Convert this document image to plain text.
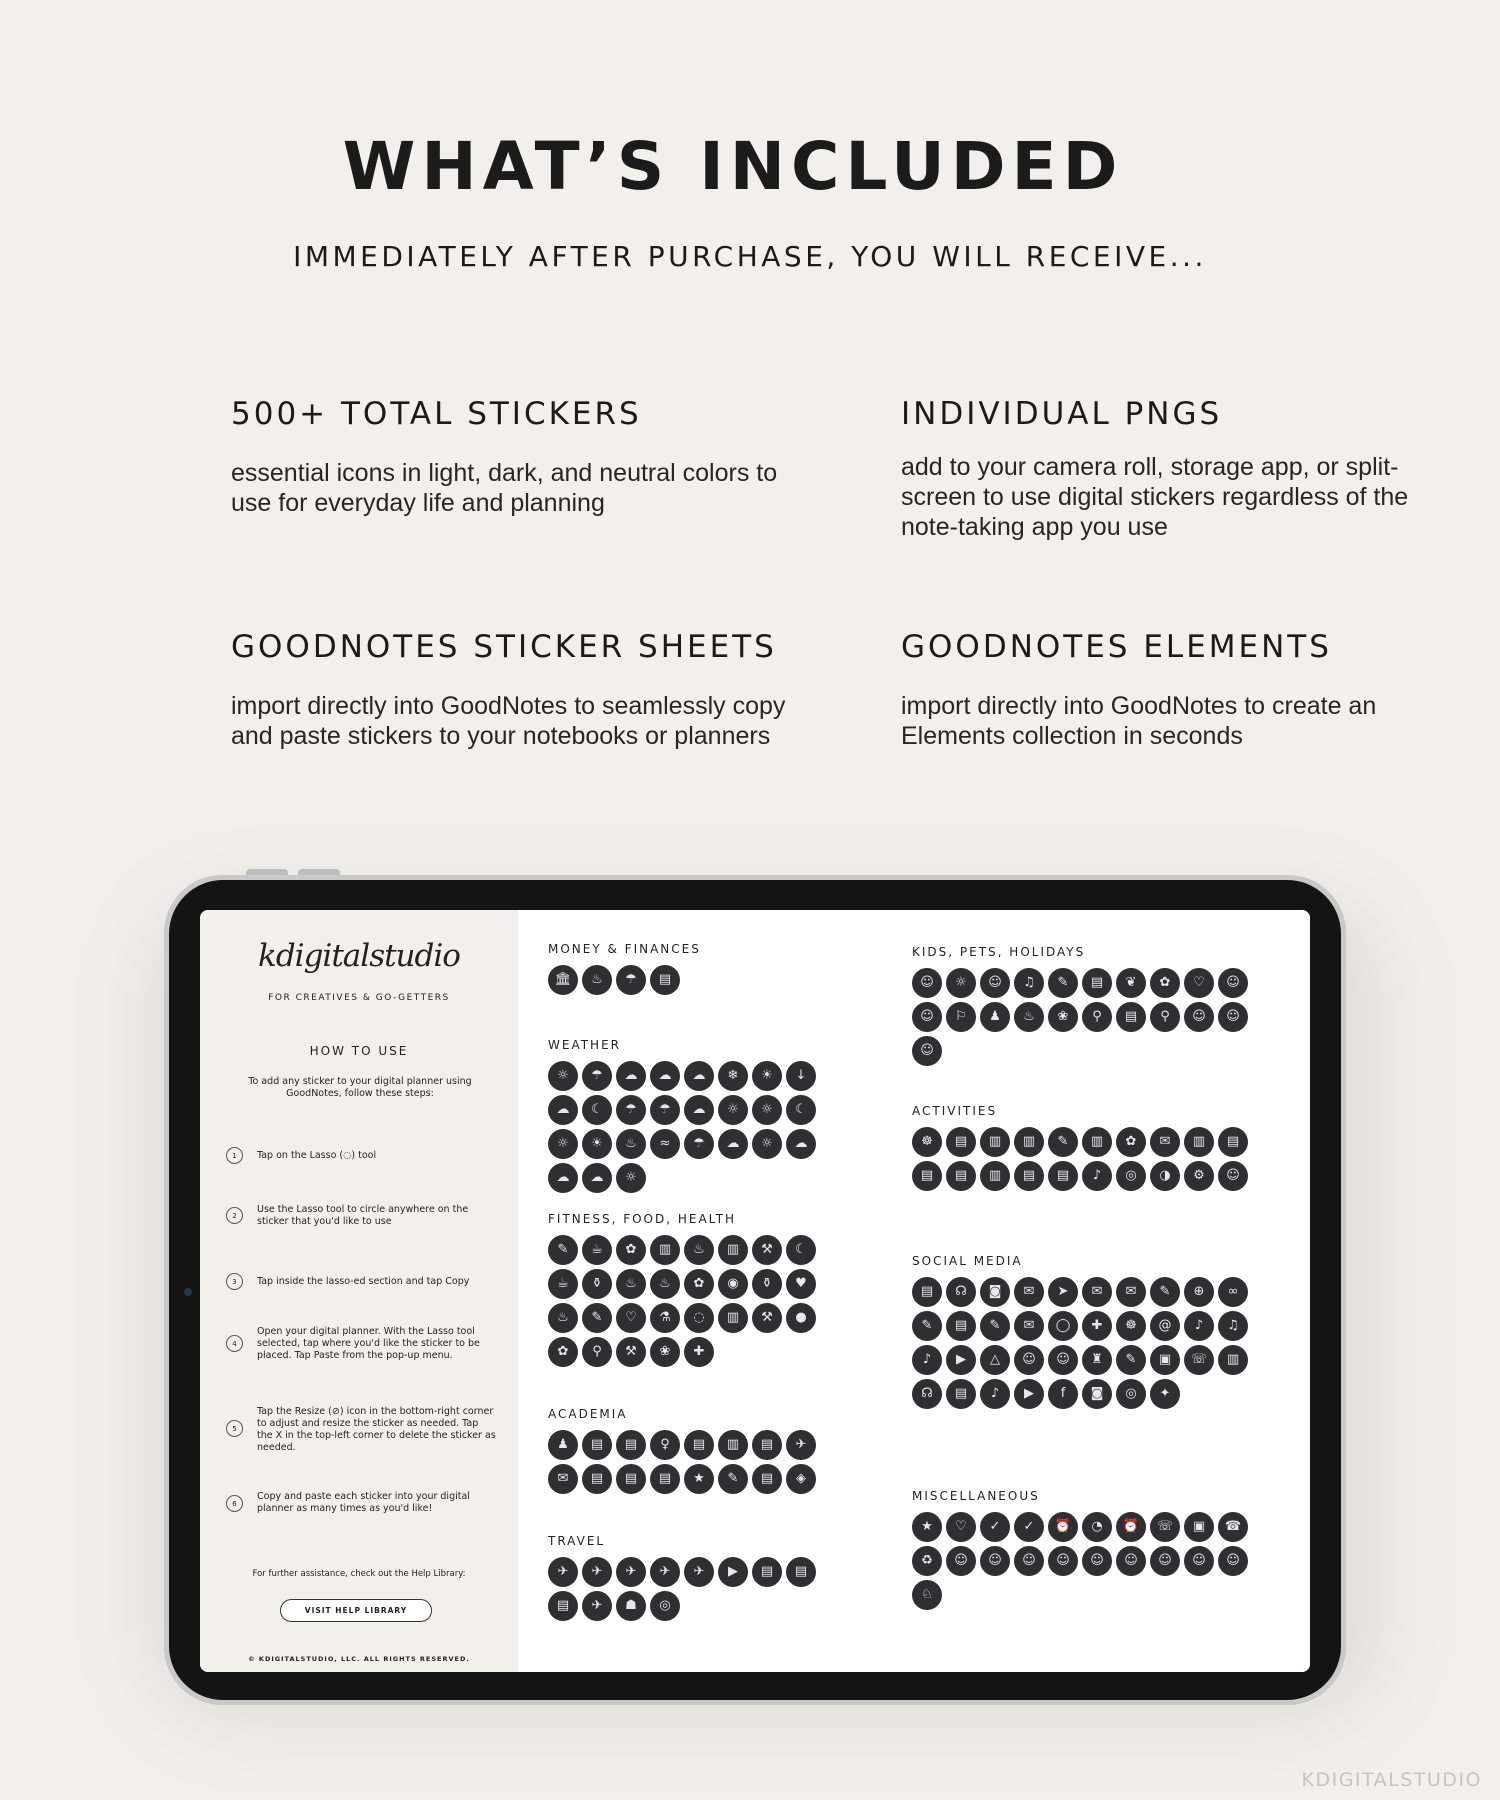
WHAT’S INCLUDED
IMMEDIATELY AFTER PURCHASE, YOU WILL RECEIVE...
500+ TOTAL STICKERS

essential icons in light, dark, and neutral colors to use for everyday life and planning

INDIVIDUAL PNGS

add to your camera roll, storage app, or split-screen to use digital stickers regardless of the note-taking app you use

GOODNOTES STICKER SHEETS

import directly into GoodNotes to seamlessly copy and paste stickers to your notebooks or planners

GOODNOTES ELEMENTS

import directly into GoodNotes to create an Elements collection in seconds

kdigitalstudio
FOR CREATIVES & GO-GETTERS
HOW TO USE
To add any sticker to your digital planner using GoodNotes, follow these steps:
1	Tap on the Lasso (◌) tool
2
Use the Lasso tool to circle anywhere on the sticker that you'd like to use
3	Tap inside the lasso-ed section and tap Copy
4
Open your digital planner. With the Lasso tool selected, tap where you'd like the sticker to be placed. Tap Paste from the pop-up menu.
5
Tap the Resize (⊘) icon in the bottom-right corner to adjust and resize the sticker as needed. Tap the X in the top-left corner to delete the sticker as needed.
6
Copy and paste each sticker into your digital planner as many times as you'd like!
For further assistance, check out the Help Library:
VISIT HELP LIBRARY
© KDIGITALSTUDIO, LLC. ALL RIGHTS RESERVED.
MONEY & FINANCES
🏛	♨	☂	▤
WEATHER
☼	☂	☁	☁	☁	❄	☀	↓
☁	☾	☂	☂	☁	☼	☼	☾
☼	☀	♨	≈	☂	☁	☼	☁
☁	☁	☼
FITNESS, FOOD, HEALTH
✎	☕	✿	▥	♨	▥	⚒	☾
☕	⚱	♨	♨	✿	◉	⚱	♥
♨	✎	♡	⚗	◌	▥	⚒	●
✿	⚲	⚒	❀	✚
ACADEMIA
♟	▤	▤	♀	▤	▥	▤	✈
✉	▤	▤	▤	★	✎	▤	◈
TRAVEL
✈	✈	✈	✈	✈	▶	▤	▤
▤	✈	☗	◎
KIDS, PETS, HOLIDAYS
☺	☼	☺	♫	✎	▤	❦	✿	♡	☺
☺	⚐	♟	♨	❀	⚲	▤	⚲	☺	☺
☺
ACTIVITIES
☸	▤	▥	▥	✎	▥	✿	✉	▥	▤
▤	▤	▥	▤	▤	♪	◎	◑	⚙	☺
SOCIAL MEDIA
▤	☊	◙	✉	➤	✉	✉	✎	⊕	∞
✎	▤	✎	✉	◯	✚	☸	@	♪	♫
♪	▶	△	☺	☺	♜	✎	▣	☏	▥
☊	▤	♪	▶	f	◙	◎	✦
MISCELLANEOUS
★	♡	✓	✓	⏰	◔	⏰	☏	▣	☎
♻	☺	☺	☺	☺	☺	☺	☺	☺	☺
♘
KDIGITALSTUDIO
